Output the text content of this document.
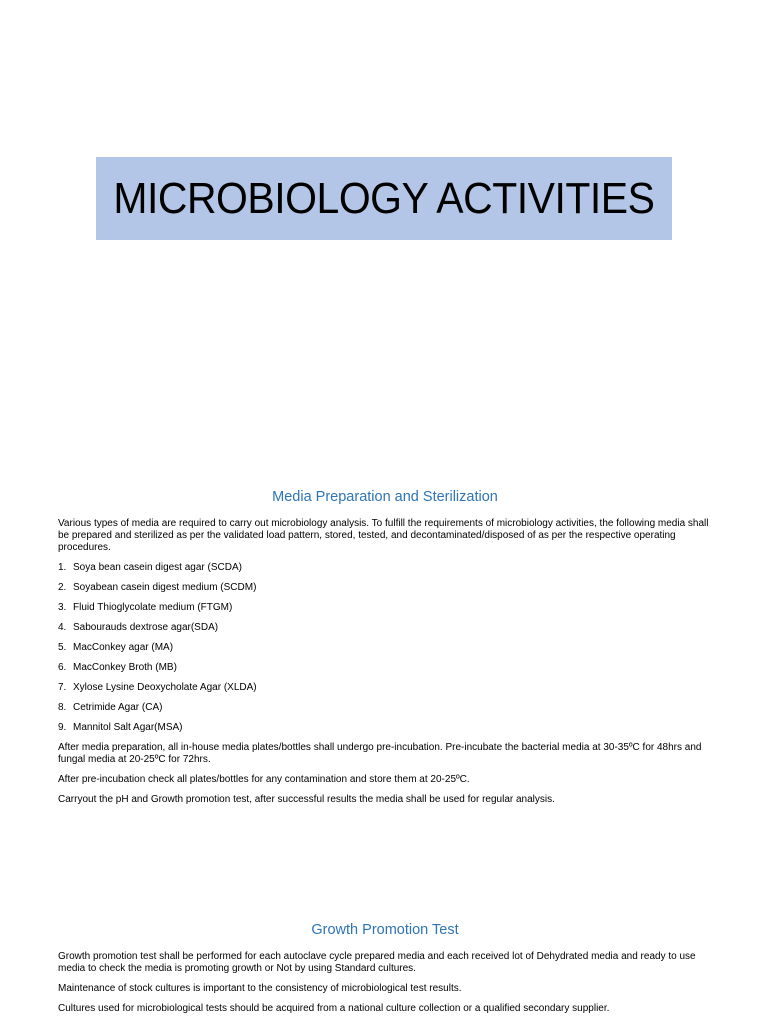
MICROBIOLOGY ACTIVITIES
Media Preparation and Sterilization

Various types of media are required to carry out microbiology analysis. To fulfill the requirements of microbiology activities, the following media shall be prepared and sterilized as per the validated load pattern, stored, tested, and decontaminated/disposed of as per the respective operating procedures.

1. Soya bean casein digest agar (SCDA)
2. Soyabean casein digest medium (SCDM)
3. Fluid Thioglycolate medium (FTGM)
4. Sabourauds dextrose agar(SDA)
5. MacConkey agar (MA)
6. MacConkey Broth (MB)
7. Xylose Lysine Deoxycholate Agar (XLDA)
8. Cetrimide Agar (CA)
9. Mannitol Salt Agar(MSA)

After media preparation, all in-house media plates/bottles shall undergo pre-incubation. Pre-incubate the bacterial media at 30-35ºC for 48hrs and fungal media at 20-25ºC for 72hrs.

After pre-incubation check all plates/bottles for any contamination and store them at 20-25ºC.

Carryout the pH and Growth promotion test, after successful results the media shall be used for regular analysis.

Growth Promotion Test

Growth promotion test shall be performed for each autoclave cycle prepared media and each received lot of Dehydrated media and ready to use media to check the media is promoting growth or Not by using Standard cultures.

Maintenance of stock cultures is important to the consistency of microbiological test results.

Cultures used for microbiological tests should be acquired from a national culture collection or a qualified secondary supplier.
